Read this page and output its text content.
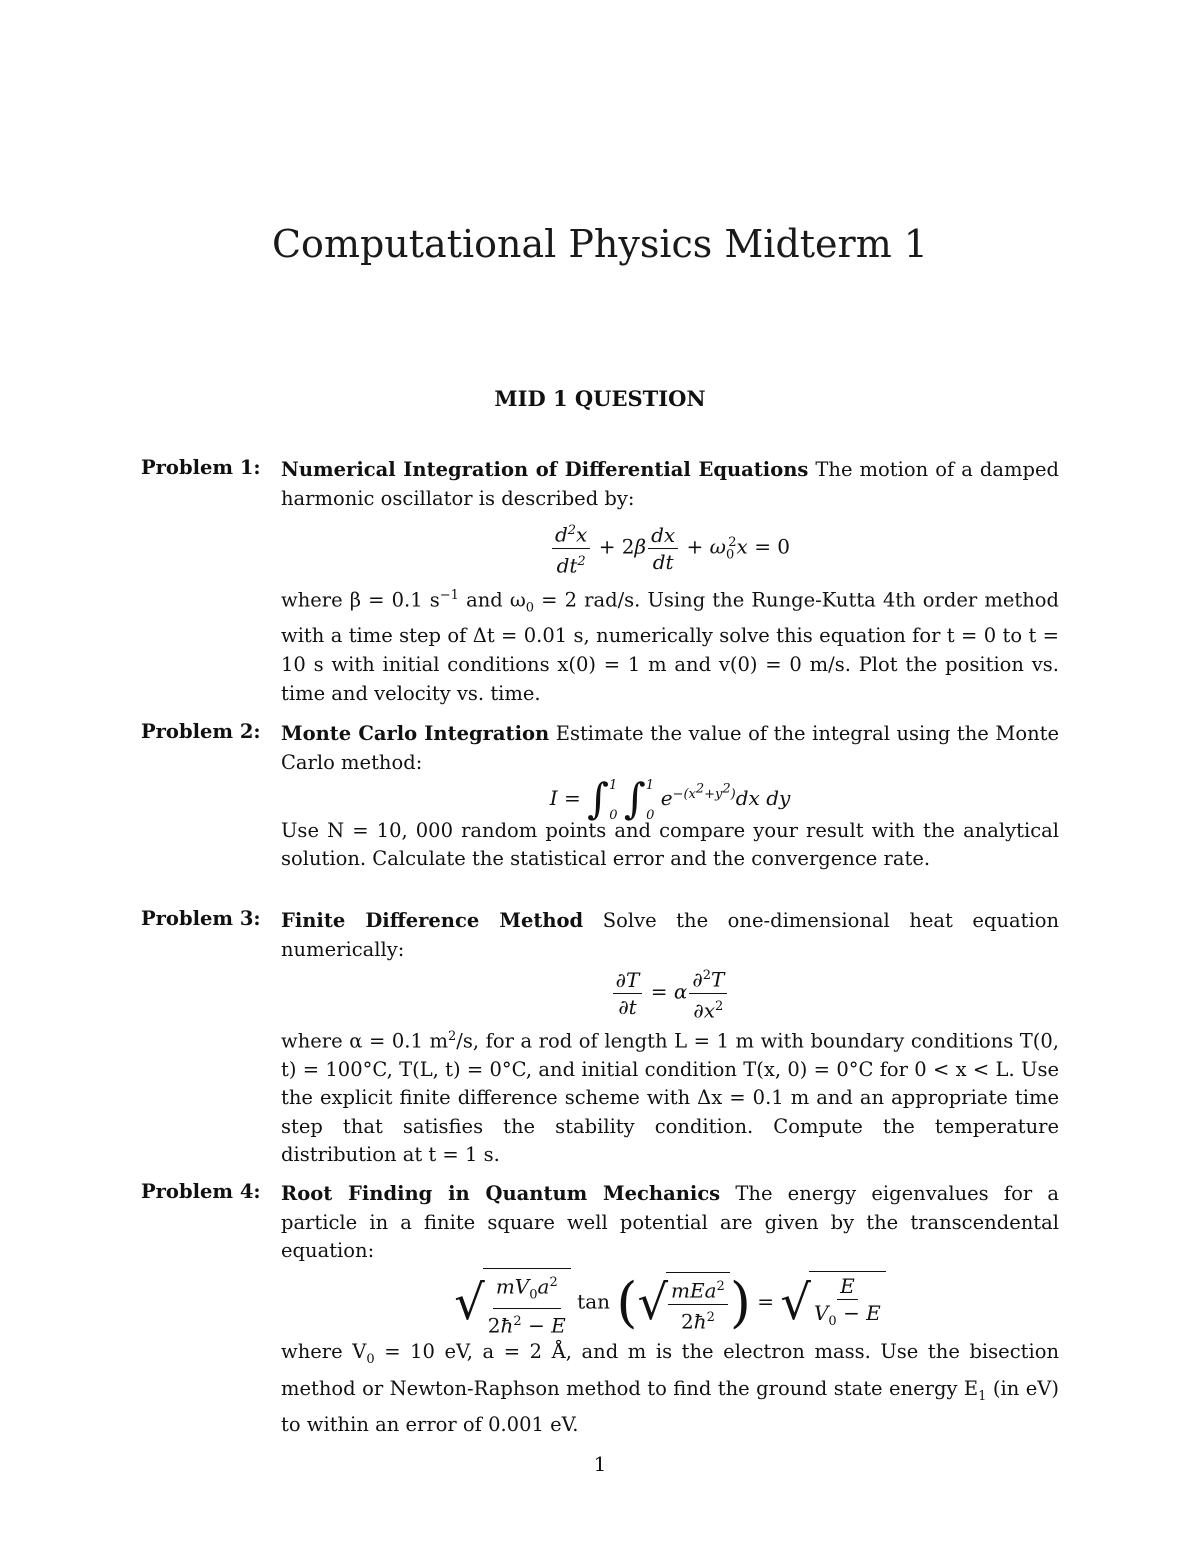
Computational Physics Midterm 1
MID 1 QUESTION
Problem 1:	Numerical Integration of Differential Equations The motion of a damped harmonic oscillator is described by:
$\frac{d^2x}{dt^2} + 2\beta \frac{dx}{dt} + \omega_0^2x = 0$
where β = 0.1 $s^{-1}$ and $\omega_0 = 2$ rad/s. Using the Runge-Kutta 4th order method with a time step of Δt = 0.01 s, numerically solve this equation for t = 0 to t = 10 s with initial conditions x(0) = 1 m and v(0) = 0 m/s. Plot the position vs. time and velocity vs. time.
Problem 2:	Monte Carlo Integration Estimate the value of the integral using the Monte Carlo method:
I = ∫$^1_0$ ∫$^1_0$ $e^{-(x^2+y^2)}dx$ dy
Use N = 10, 000 random points and compare your result with the analytical solution. Calculate the statistical error and the convergence rate.
Problem 3:	Finite Difference Method Solve the one-dimensional heat equation numerically:
$\frac{\partial T}{\partial t} = \alpha \frac{\partial^2T}{\partial x^2}$
where α = 0.1 $m^2/s$, for a rod of length L = 1 m with boundary conditions T(0, t) = 100°C, T(L, t) = 0°C, and initial condition T(x, 0) = 0°C for 0 < x < L. Use the explicit finite difference scheme with Δx = 0.1 m and an appropriate time step that satisfies the stability condition. Compute the temperature distribution at t = 1 s.
Problem 4:	Root Finding in Quantum Mechanics The energy eigenvalues for a particle in a finite square well potential are given by the transcendental equation:
√ $\frac{mV_0a^2}{2ħ^2 - E}$ tan ( √ $\frac{mEa^2}{2ħ^2}$ ) = √ $\frac{E}{V_0 - E}$
where $V_0 = 10$ eV, a = 2 Å, and m is the electron mass. Use the bisection method or Newton-Raphson method to find the ground state energy $E_1$ (in eV) to within an error of 0.001 eV.
1
